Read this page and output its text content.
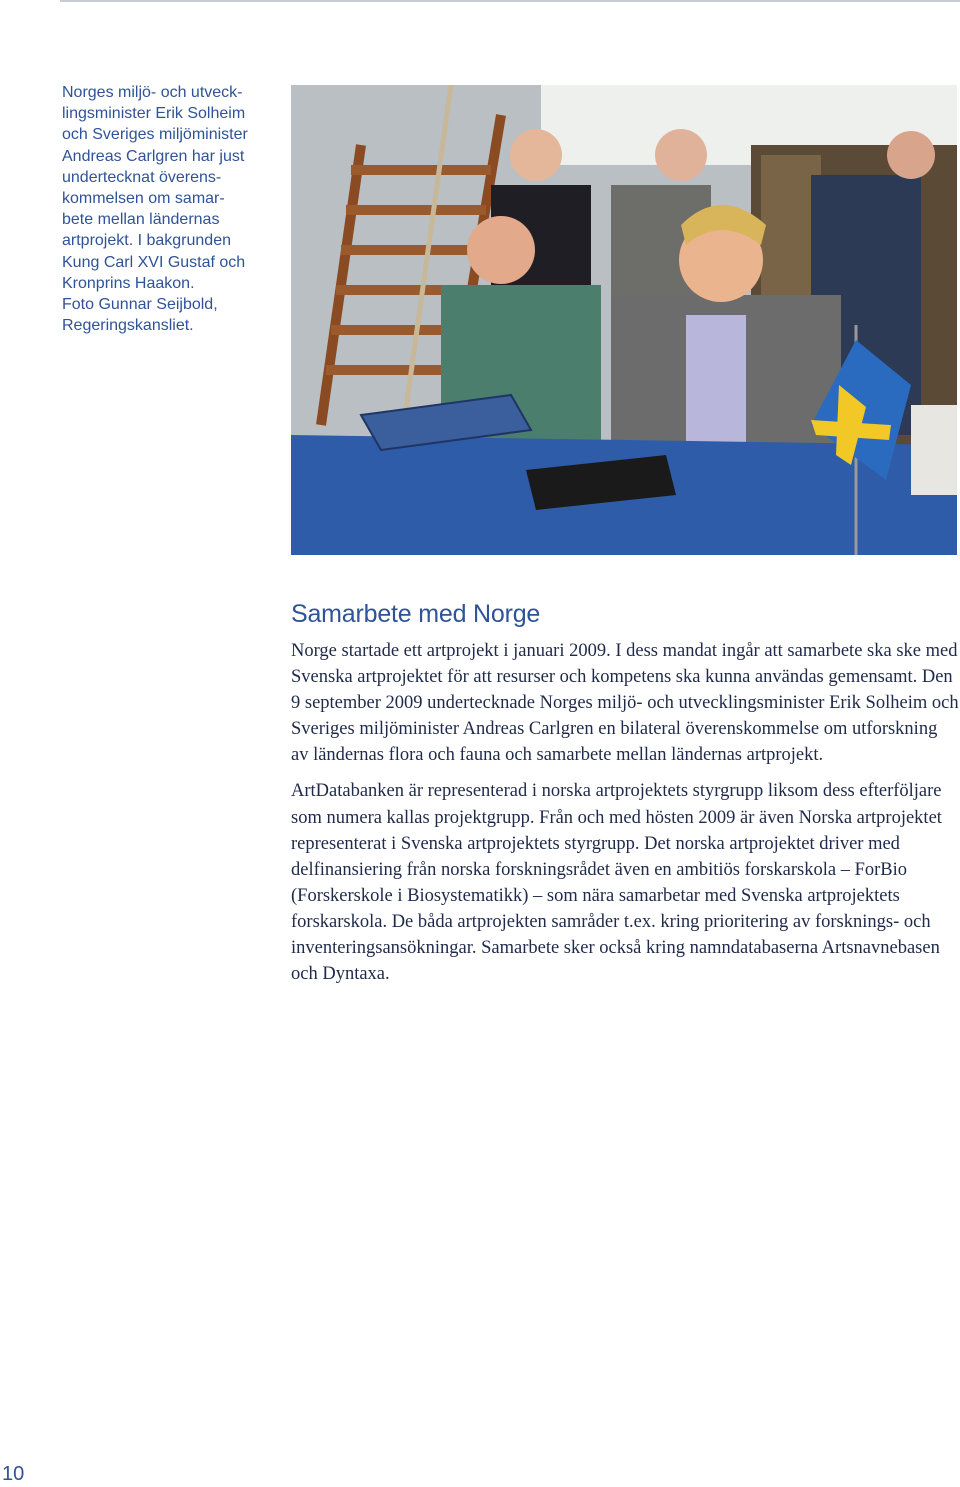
Norges miljö- och utveck-
lingsminister Erik Solheim
och Sveriges miljöminister
Andreas Carlgren har just
undertecknat överens-
kommelsen om samar-
bete mellan ländernas
artprojekt. I bakgrunden
Kung Carl XVI Gustaf och
Kronprins Haakon.
Foto Gunnar Seijbold,
Regeringskansliet.
Samarbete med Norge

Norge startade ett artprojekt i januari 2009. I dess mandat ingår att samarbete ska ske med Svenska artprojektet för att resurser och kompetens ska kunna användas gemensamt. Den 9 september 2009 undertecknade Norges miljö- och utvecklingsminister Erik Solheim och Sveriges miljöminister Andreas Carlgren en bilateral överenskommelse om utforskning av ländernas flora och fauna och samarbete mellan ländernas artprojekt.

ArtDatabanken är representerad i norska artprojektets styrgrupp liksom dess efterföljare som numera kallas projektgrupp. Från och med hösten 2009 är även Norska artprojektet representerat i Svenska artprojektets styrgrupp. Det norska artprojektet driver med delfinansiering från norska forskningsrådet även en ambitiös forskarskola – ForBio (Forskerskole i Biosystematikk) – som nära samarbetar med Svenska artprojektets forskarskola. De båda artprojekten samråder t.ex. kring prioritering av forsknings- och inventeringsansökningar. Samarbete sker också kring namndatabaserna Artsnavnebasen och Dyntaxa.

10
